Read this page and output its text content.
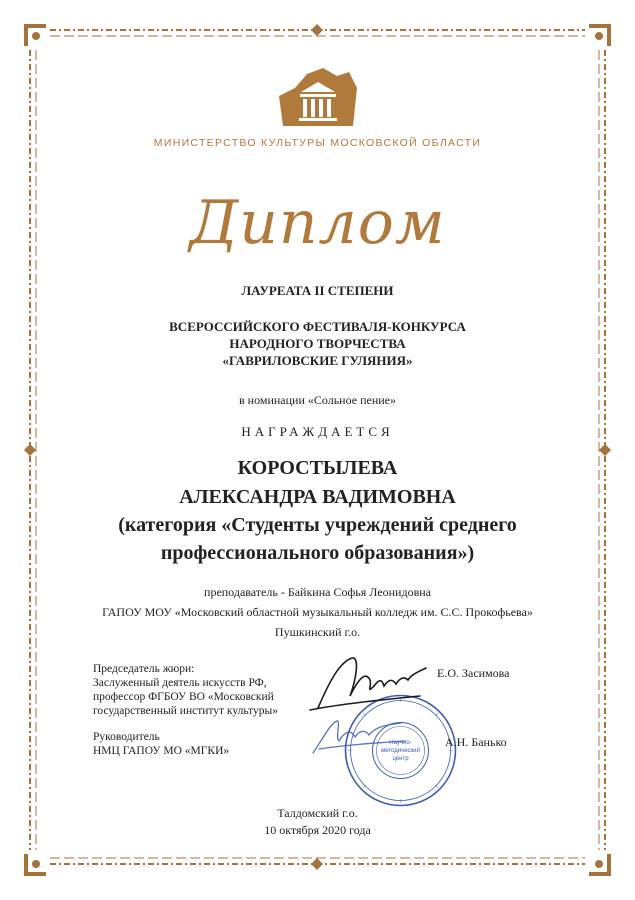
МИНИСТЕРСТВО КУЛЬТУРЫ МОСКОВСКОЙ ОБЛАСТИ
Диплом
ЛАУРЕАТА II СТЕПЕНИ
ВСЕРОССИЙСКОГО ФЕСТИВАЛЯ-КОНКУРСА
НАРОДНОГО ТВОРЧЕСТВА
«ГАВРИЛОВСКИЕ ГУЛЯНИЯ»
в номинации «Сольное пение»
НАГРАЖДАЕТСЯ
КОРОСТЫЛЕВА
АЛЕКСАНДРА ВАДИМОВНА
(категория «Студенты учреждений среднего
профессионального образования»)
преподаватель - Байкина Софья Леонидовна
ГАПОУ МОУ «Московский областной музыкальный колледж им. С.С. Прокофьева»
Пушкинский г.о.
Председатель жюри:
Заслуженный деятель искусств РФ,
профессор ФГБОУ ВО «Московский
государственный институт культуры»
Руководитель
НМЦ ГАПОУ МО «МГКИ»
Научно-
методический
центр
Е.О. Засимова
А.Н. Банько
Талдомский г.о.
10 октября 2020 года
